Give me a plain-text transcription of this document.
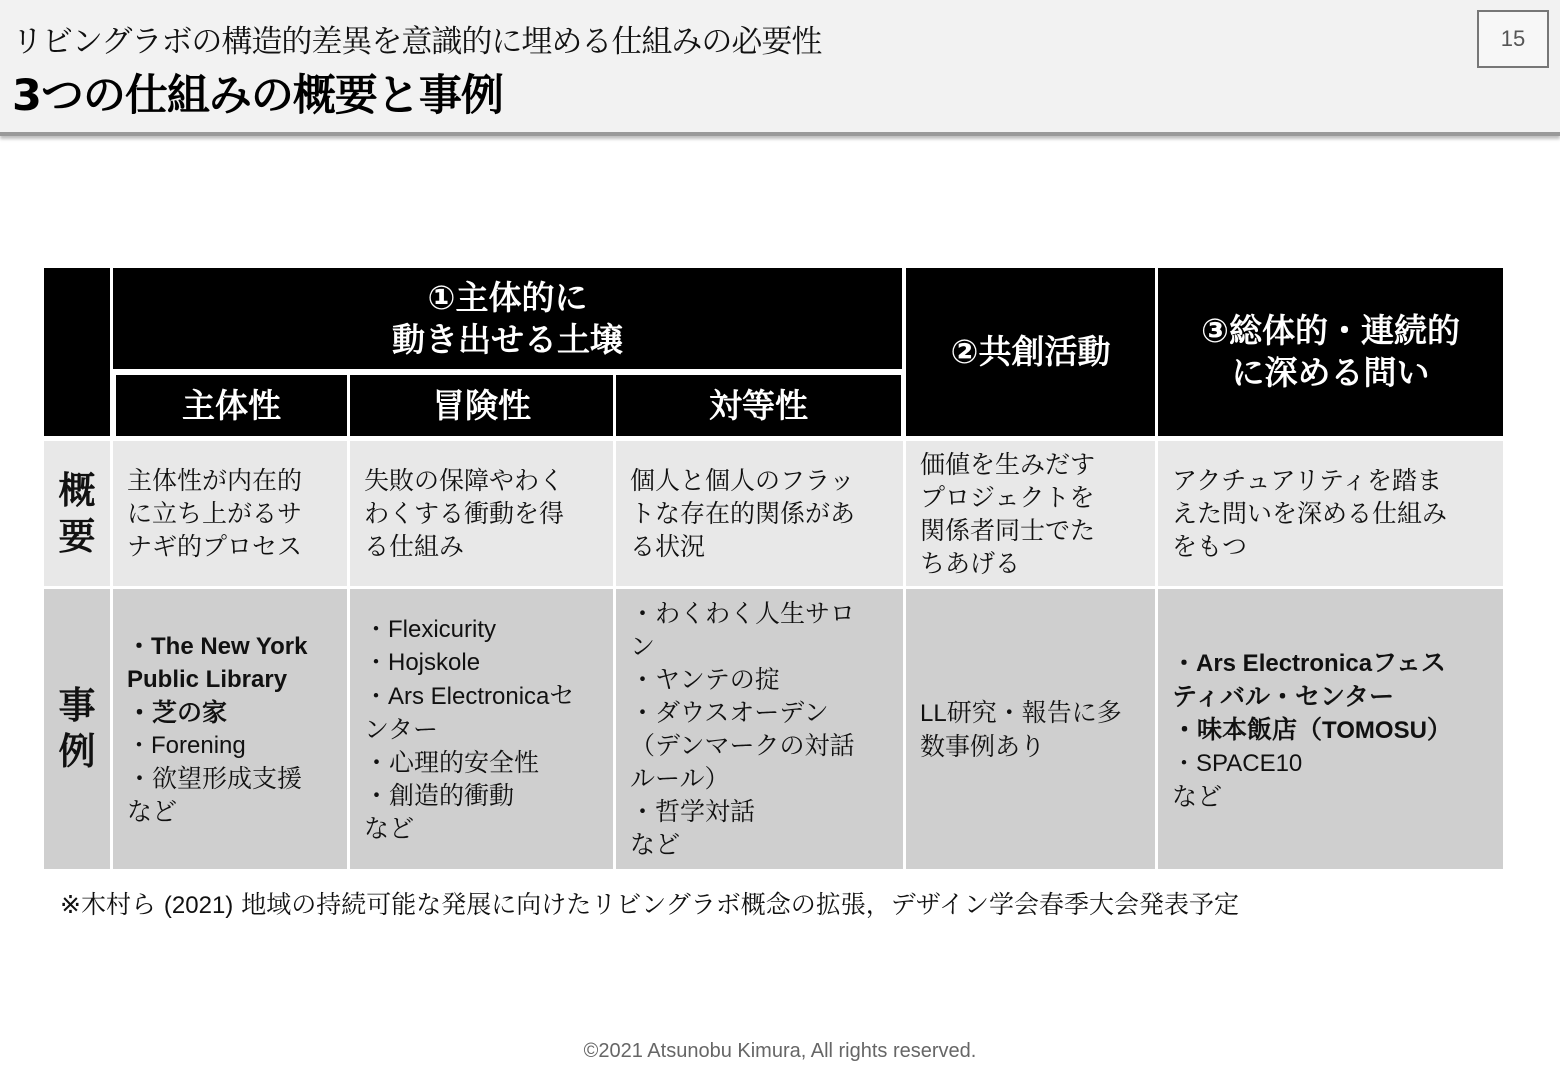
リビングラボの構造的差異を意識的に埋める仕組みの必要性
3つの仕組みの概要と事例
15
①主体的に
動き出せる土壌
主体性	冒険性	対等性
②共創活動
③総体的・連続的
に深める問い
概
要
主体性が内在的
に立ち上がるサ
ナギ的プロセス
失敗の保障やわく
わくする衝動を得
る仕組み
個人と個人のフラッ
トな存在的関係があ
る状況
価値を生みだす
プロジェクトを
関係者同士でた
ちあげる
アクチュアリティを踏ま
えた問いを深める仕組み
をもつ
事
例
・The New York
Public Library
・芝の家
・Forening
・欲望形成支援
など
・Flexicurity
・Hojskole
・Ars Electronicaセ
ンター
・心理的安全性
・創造的衝動
など
・わくわく人生サロ
ン
・ヤンテの掟
・ダウスオーデン
（デンマークの対話
ルール）
・哲学対話
など
LL研究・報告に多
数事例あり
・Ars Electronicaフェス
ティバル・センター
・味本飯店（TOMOSU）
・SPACE10
など
※木村ら (2021) 地域の持続可能な発展に向けたリビングラボ概念の拡張，デザイン学会春季大会発表予定
©2021 Atsunobu Kimura, All rights reserved.
